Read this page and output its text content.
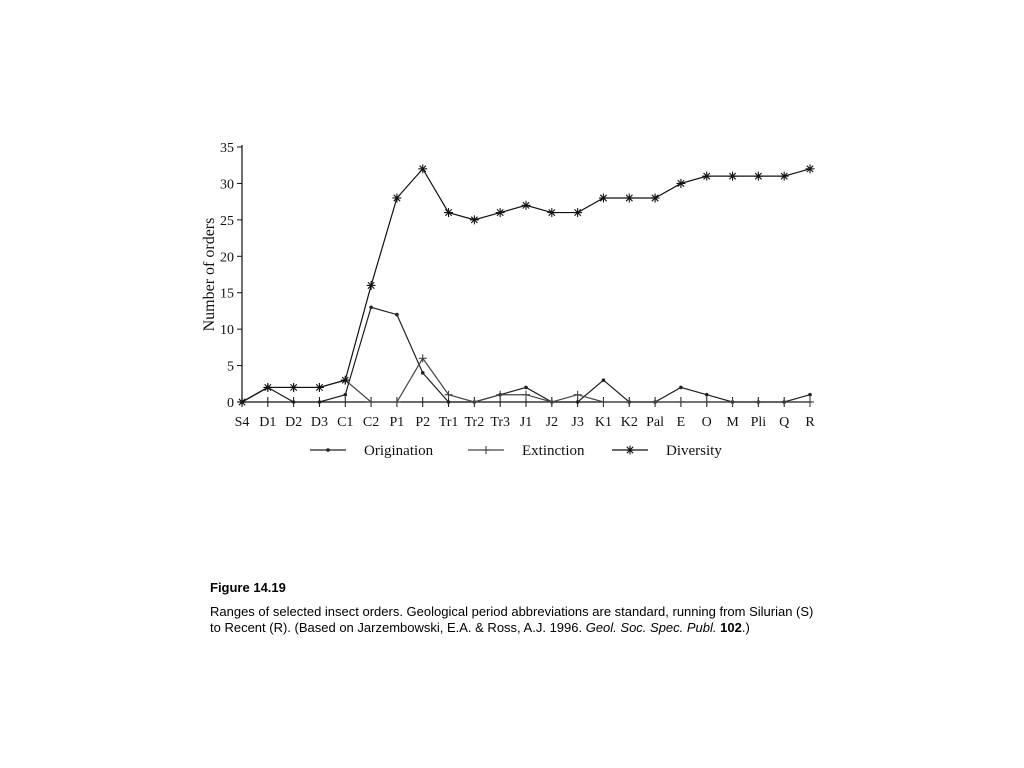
0
5
10
15
20
25
30
35
S4 D1 D2 D3 C1 C2 P1 P2 Tr1 Tr2 Tr3 J1 J2 J3 K1 K2 Pal E O M Pli Q R
Number of orders
Origination	Extinction	Diversity
Figure 14.19
Ranges of selected insect orders. Geological period abbreviations are standard, running from Silurian (S) to Recent (R). (Based on Jarzembowski, E.A. & Ross, A.J. 1996. Geol. Soc. Spec. Publ. 102.)
